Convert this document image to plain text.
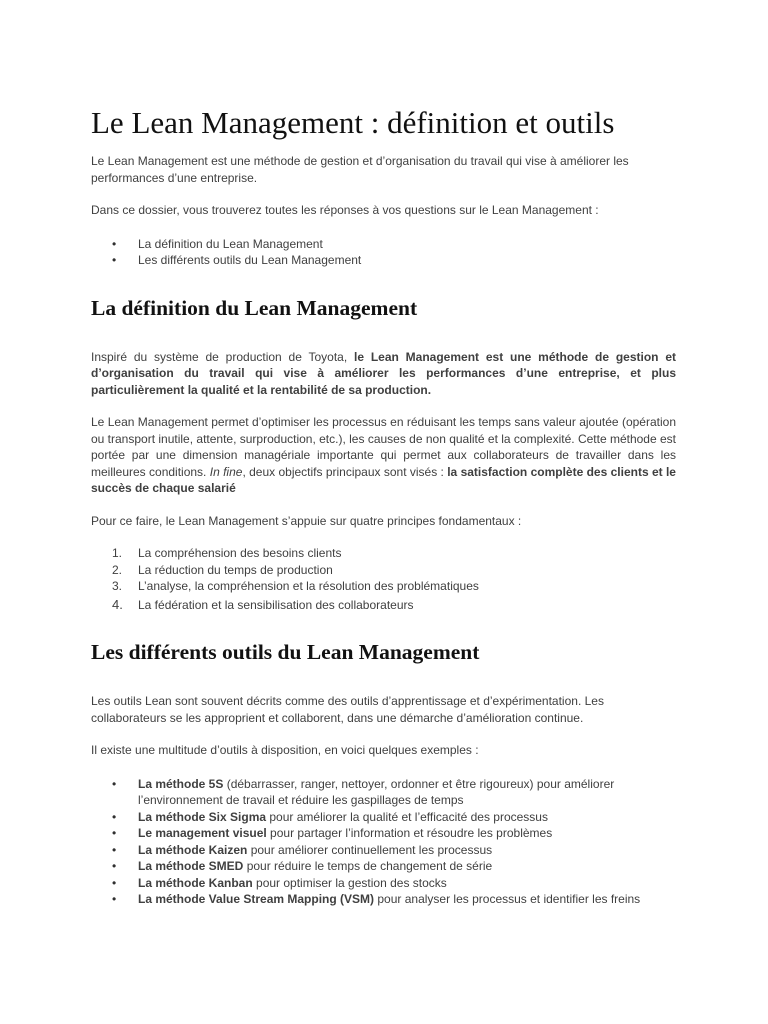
Le Lean Management : définition et outils

Le Lean Management est une méthode de gestion et d’organisation du travail qui vise à améliorer les performances d’une entreprise.

Dans ce dossier, vous trouverez toutes les réponses à vos questions sur le Lean Management :

• La définition du Lean Management
• Les différents outils du Lean Management
La définition du Lean Management

Inspiré du système de production de Toyota, le Lean Management est une méthode de gestion et d’organisation du travail qui vise à améliorer les performances d’une entreprise, et plus particulièrement la qualité et la rentabilité de sa production.

Le Lean Management permet d’optimiser les processus en réduisant les temps sans valeur ajoutée (opération ou transport inutile, attente, surproduction, etc.), les causes de non qualité et la complexité. Cette méthode est portée par une dimension managériale importante qui permet aux collaborateurs de travailler dans les meilleures conditions. In fine, deux objectifs principaux sont visés : la satisfaction complète des clients et le succès de chaque salarié

Pour ce faire, le Lean Management s’appuie sur quatre principes fondamentaux :

1. La compréhension des besoins clients
2. La réduction du temps de production
3. L’analyse, la compréhension et la résolution des problématiques
4. La fédération et la sensibilisation des collaborateurs
Les différents outils du Lean Management

Les outils Lean sont souvent décrits comme des outils d’apprentissage et d’expérimentation. Les collaborateurs se les approprient et collaborent, dans une démarche d’amélioration continue.

Il existe une multitude d’outils à disposition, en voici quelques exemples :

• La méthode 5S (débarrasser, ranger, nettoyer, ordonner et être rigoureux) pour améliorer l’environnement de travail et réduire les gaspillages de temps
• La méthode Six Sigma pour améliorer la qualité et l’efficacité des processus
• Le management visuel pour partager l’information et résoudre les problèmes
• La méthode Kaizen pour améliorer continuellement les processus
• La méthode SMED pour réduire le temps de changement de série
• La méthode Kanban pour optimiser la gestion des stocks
• La méthode Value Stream Mapping (VSM) pour analyser les processus et identifier les freins
